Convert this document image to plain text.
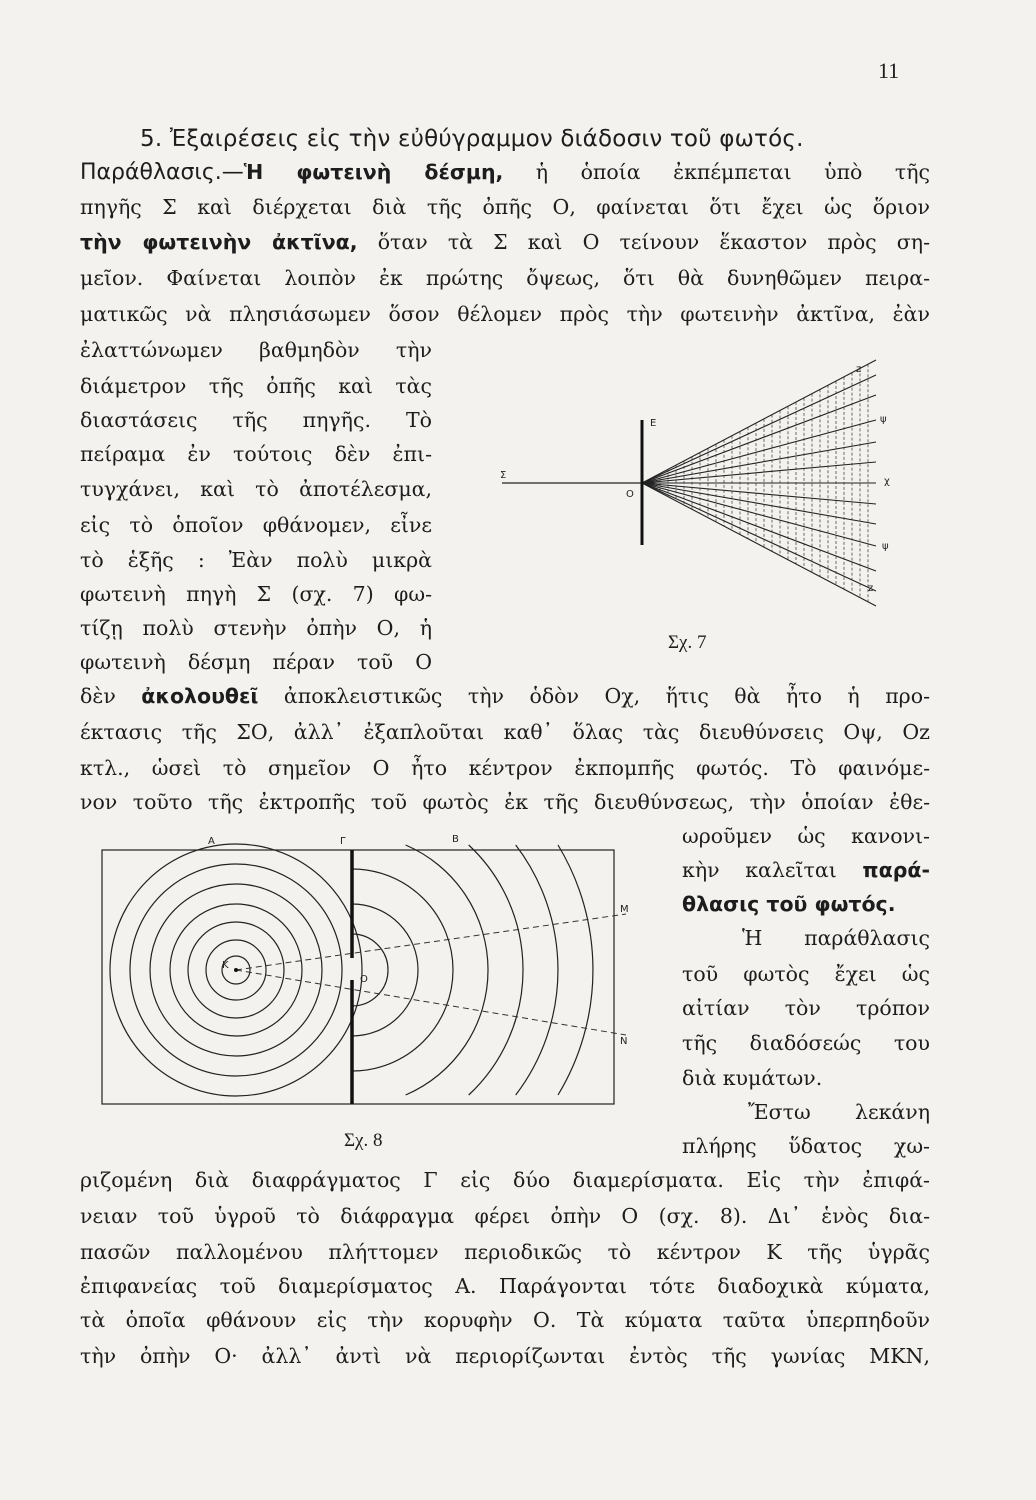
11
5. Ἐξαιρέσεις εἰς τὴν εὐθύγραμμον διάδοσιν τοῦ φωτός.
Παράθλασις.—Ἡ φωτεινὴ δέσμη, ἡ ὁποία ἐκπέμπεται ὑπὸ τῆς
πηγῆς Σ καὶ διέρχεται διὰ τῆς ὀπῆς Ο, φαίνεται ὅτι ἔχει ὡς ὅριον
τὴν φωτεινὴν ἀκτῖνα, ὅταν τὰ Σ καὶ Ο τείνουν ἕκαστον πρὸς ση-
μεῖον. Φαίνεται λοιπὸν ἐκ πρώτης ὄψεως, ὅτι θὰ δυνηθῶμεν πειρα-
ματικῶς νὰ πλησιάσωμεν ὅσον θέλομεν πρὸς τὴν φωτεινὴν ἀκτῖνα, ἐὰν
ἐλαττώνωμεν βαθμηδὸν τὴν
διάμετρον τῆς ὀπῆς καὶ τὰς
διαστάσεις τῆς πηγῆς. Τὸ
πείραμα ἐν τούτοις δὲν ἐπι-
τυγχάνει, καὶ τὸ ἀποτέλεσμα,
εἰς τὸ ὁποῖον φθάνομεν, εἶνε
τὸ ἑξῆς : Ἐὰν πολὺ μικρὰ
φωτεινὴ πηγὴ Σ (σχ. 7) φω-
τίζῃ πολὺ στενὴν ὀπὴν Ο, ἡ
φωτεινὴ δέσμη πέραν τοῦ Ο
δὲν ἀκολουθεῖ ἀποκλειστικῶς τὴν ὁδὸν Οχ, ἥτις θὰ ἦτο ἡ προ-
έκτασις τῆς ΣΟ, ἀλλ᾽ ἐξαπλοῦται καθ᾽ ὅλας τὰς διευθύνσεις Οψ, Οz
κτλ., ὡσεὶ τὸ σημεῖον Ο ἦτο κέντρον ἐκπομπῆς φωτός. Τὸ φαινόμε-
νον τοῦτο τῆς ἐκτροπῆς τοῦ φωτὸς ἐκ τῆς διευθύνσεως, τὴν ὁποίαν ἐθε-
ωροῦμεν ὡς κανονι-
κὴν καλεῖται παρά-
θλασις τοῦ φωτός.
Ἡ παράθλασις
τοῦ φωτὸς ἔχει ὡς
αἰτίαν τὸν τρόπον
τῆς διαδόσεώς του
διὰ κυμάτων.
Ἔστω λεκάνη
πλήρης ὕδατος χω-
ριζομένη διὰ διαφράγματος Γ εἰς δύο διαμερίσματα. Εἰς τὴν ἐπιφά-
νειαν τοῦ ὑγροῦ τὸ διάφραγμα φέρει ὀπὴν Ο (σχ. 8). Δι᾽ ἑνὸς δια-
πασῶν παλλομένου πλήττομεν περιοδικῶς τὸ κέντρον Κ τῆς ὑγρᾶς
ἐπιφανείας τοῦ διαμερίσματος Α. Παράγονται τότε διαδοχικὰ κύματα,
τὰ ὁποῖα φθάνουν εἰς τὴν κορυφὴν Ο. Τὰ κύματα ταῦτα ὑπερπηδοῦν
τὴν ὀπὴν Ο· ἀλλ᾽ ἀντὶ νὰ περιορίζωνται ἐντὸς τῆς γωνίας ΜΚΝ,
Σ
E
O
χ
ψ
ψ
z
z
Σχ. 7
A	Γ	B
K
O
M
N
Σχ. 8
